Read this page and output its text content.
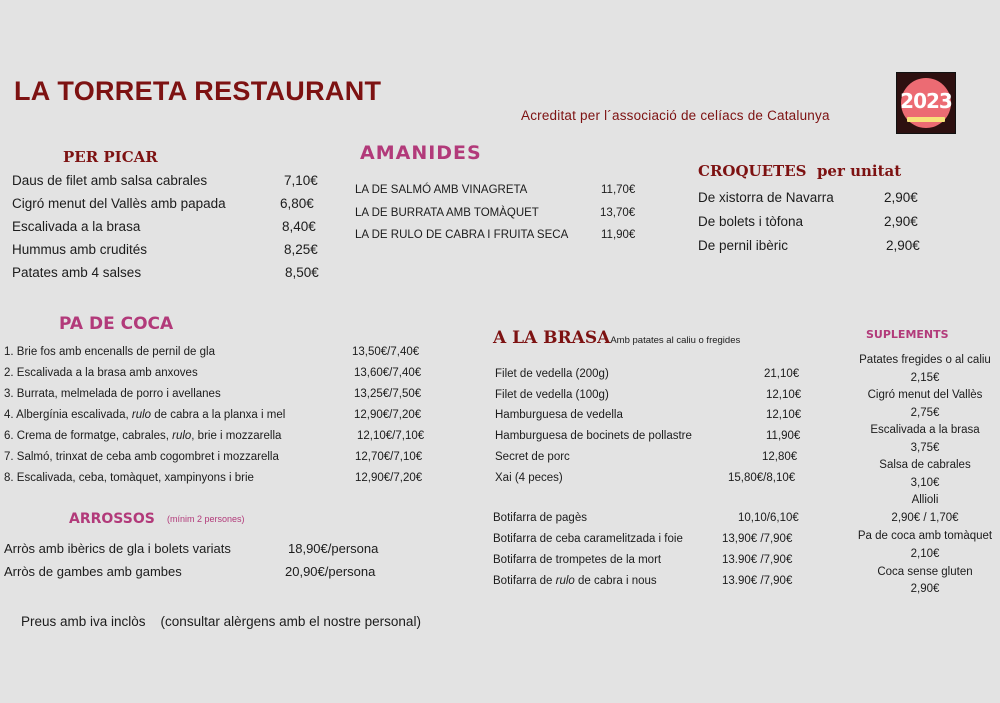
LA TORRETA RESTAURANT
Acreditat per l´associació de celíacs de Catalunya
2023
PER PICAR
Daus de filet amb salsa cabrales	7,10€
Cigró menut del Vallès amb papada	6,80€
Escalivada a la brasa	8,40€
Hummus amb crudités	8,25€
Patates amb 4 salses	8,50€
AMANIDES
LA DE SALMÓ AMB VINAGRETA	11,70€
LA DE BURRATA AMB TOMÀQUET	13,70€
LA DE RULO DE CABRA I FRUITA SECA	11,90€
CROQUETES per unitat
De xistorra de Navarra	2,90€
De bolets i tòfona	2,90€
De pernil ibèric	2,90€
PA DE COCA
1. Brie fos amb encenalls de pernil de gla	13,50€/7,40€
2. Escalivada a la brasa amb anxoves	13,60€/7,40€
3. Burrata, melmelada de porro i avellanes	13,25€/7,50€
4. Albergínia escalivada, rulo de cabra a la planxa i mel	12,90€/7,20€
6. Crema de formatge, cabrales, rulo, brie i mozzarella	12,10€/7,10€
7. Salmó, trinxat de ceba amb cogombret i mozzarella	12,70€/7,10€
8. Escalivada, ceba, tomàquet, xampinyons i brie	12,90€/7,20€
ARROSSOS (mínim 2 persones)
Arròs amb ibèrics de gla i bolets variats	18,90€/persona
Arròs de gambes amb gambes	20,90€/persona
A LA BRASAAmb patates al caliu o fregides
Filet de vedella (200g)	21,10€
Filet de vedella (100g)	12,10€
Hamburguesa de vedella	12,10€
Hamburguesa de bocinets de pollastre	11,90€
Secret de porc	12,80€
Xai (4 peces)	15,80€/8,10€
Botifarra de pagès	10,10/6,10€
Botifarra de ceba caramelitzada i foie	13,90€ /7,90€
Botifarra de trompetes de la mort	13.90€ /7,90€
Botifarra de rulo de cabra i nous	13.90€ /7,90€
SUPLEMENTS
Patates fregides o al caliu
2,15€
Cigró menut del Vallès
2,75€
Escalivada a la brasa
3,75€
Salsa de cabrales
3,10€
Allioli
2,90€ / 1,70€
Pa de coca amb tomàquet
2,10€
Coca sense gluten
2,90€
Preus amb iva inclòs    (consultar alèrgens amb el nostre personal)
